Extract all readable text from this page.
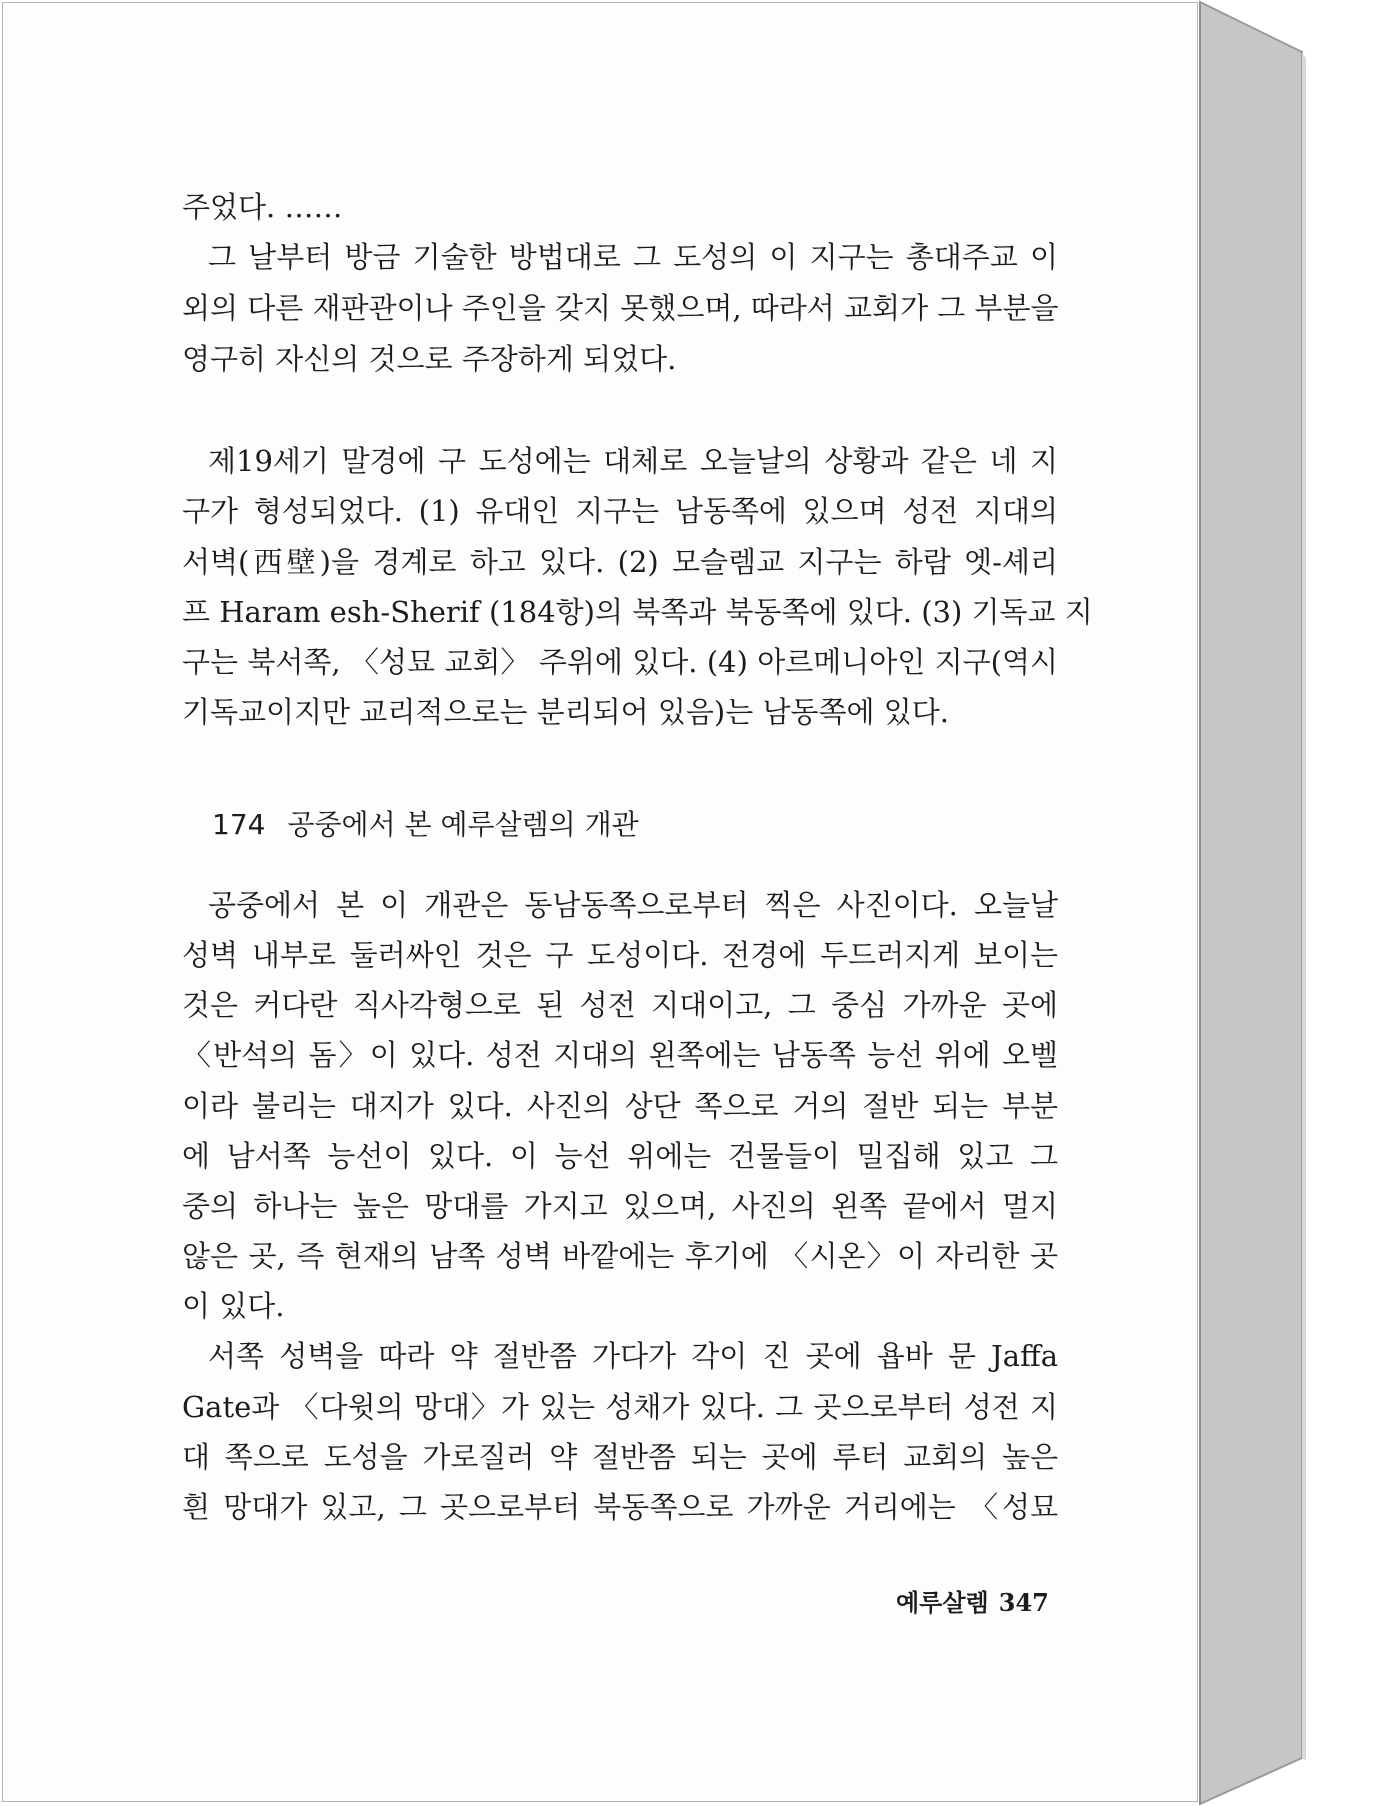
주었다. ……
그 날부터 방금 기술한 방법대로 그 도성의 이 지구는 총대주교 이
외의 다른 재판관이나 주인을 갖지 못했으며, 따라서 교회가 그 부분을
영구히 자신의 것으로 주장하게 되었다.
제19세기 말경에 구 도성에는 대체로 오늘날의 상황과 같은 네 지
구가 형성되었다. (1) 유대인 지구는 남동쪽에 있으며 성전 지대의
서벽(西壁)을 경계로 하고 있다. (2) 모슬렘교 지구는 하람 엣-셰리
프 Haram esh-Sherif (184항)의 북쪽과 북동쪽에 있다. (3) 기독교 지
구는 북서쪽, 〈성묘 교회〉 주위에 있다. (4) 아르메니아인 지구(역시
기독교이지만 교리적으로는 분리되어 있음)는 남동쪽에 있다.
174 공중에서 본 예루살렘의 개관
공중에서 본 이 개관은 동남동쪽으로부터 찍은 사진이다. 오늘날
성벽 내부로 둘러싸인 것은 구 도성이다. 전경에 두드러지게 보이는
것은 커다란 직사각형으로 된 성전 지대이고, 그 중심 가까운 곳에
〈반석의 돔〉이 있다. 성전 지대의 왼쪽에는 남동쪽 능선 위에 오벨
이라 불리는 대지가 있다. 사진의 상단 쪽으로 거의 절반 되는 부분
에 남서쪽 능선이 있다. 이 능선 위에는 건물들이 밀집해 있고 그
중의 하나는 높은 망대를 가지고 있으며, 사진의 왼쪽 끝에서 멀지
않은 곳, 즉 현재의 남쪽 성벽 바깥에는 후기에 〈시온〉이 자리한 곳
이 있다.
서쪽 성벽을 따라 약 절반쯤 가다가 각이 진 곳에 욥바 문 Jaffa
Gate과 〈다윗의 망대〉가 있는 성채가 있다. 그 곳으로부터 성전 지
대 쪽으로 도성을 가로질러 약 절반쯤 되는 곳에 루터 교회의 높은
흰 망대가 있고, 그 곳으로부터 북동쪽으로 가까운 거리에는 〈성묘
예루살렘 347
